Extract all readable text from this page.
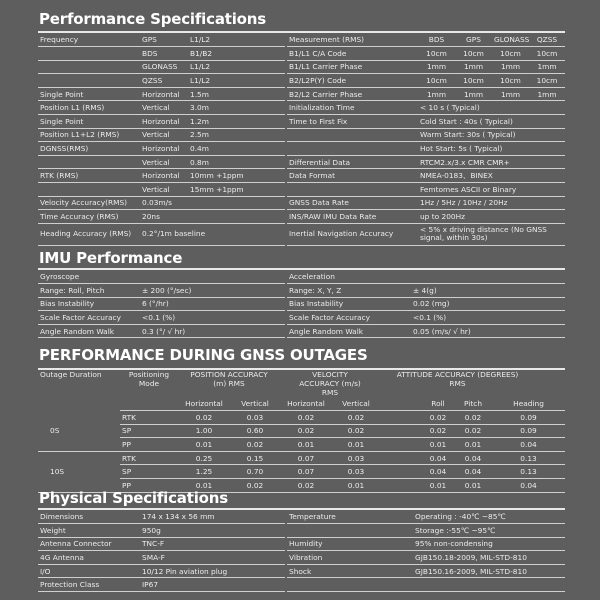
Performance Specifications
Frequency	GPS	L1/L2
	BDS	B1/B2
	GLONASS	L1/L2
	QZSS	L1/L2
Single Point	Horizontal	1.5m
Position L1 (RMS)	Vertical	3.0m
Single Point	Horizontal	1.2m
Position L1+L2 (RMS)	Vertical	2.5m
DGNSS(RMS)	Horizontal	0.4m
	Vertical	0.8m
RTK (RMS)	Horizontal	10mm +1ppm
	Vertical	15mm +1ppm
Velocity Accuracy(RMS)	0.03m/s	
Time Accuracy (RMS)	20ns	
Heading Accuracy (RMS)	0.2°/1m baseline	
Measurement (RMS)	BDS	GPS	GLONASS	QZSS
B1/L1 C/A Code	10cm	10cm	10cm	10cm
B1/L1 Carrier Phase	1mm	1mm	1mm	1mm
B2/L2P(Y) Code	10cm	10cm	10cm	10cm
B2/L2 Carrier Phase	1mm	1mm	1mm	1mm
Initialization Time	< 10 s ( Typical)			
Time to First Fix	Cold Start : 40s ( Typical)			
	Warm Start: 30s ( Typical)			
	Hot Start: 5s ( Typical)			
Differential Data	RTCM2.x/3.x CMR CMR+			
Data Format	NMEA-0183、BINEX			
	Femtomes ASCII or Binary			
GNSS Data Rate	1Hz / 5Hz / 10Hz / 20Hz			
INS/RAW IMU Data Rate	up to 200Hz			
Inertial Navigation Accuracy	< 5% x driving distance (No GNSS signal, within 30s)			
IMU Performance
Gyroscope	
Range: Roll, Pitch	± 200 (°/sec)
Bias Instability	6 (°/hr)
Scale Factor Accuracy	<0.1 (%)
Angle Random Walk	0.3 (°/ √ hr)
Acceleration	
Range: X, Y, Z	± 4(g)
Bias Instability	0.02 (mg)
Scale Factor Accuracy	<0.1 (%)
Angle Random Walk	0.05 (m/s/ √ hr)
PERFORMANCE DURING GNSS OUTAGES
Outage Duration	Positioning Mode	POSITION ACCURACY (m) RMS		VELOCITY ACCURACY (m/s) RMS		ATTITUDE ACCURACY (DEGREES) RMS			
		Horizontal	Vertical	Horizontal	Vertical		Roll	Pitch	Heading
0S	RTK	0.02	0.03	0.02	0.02		0.02	0.02	0.09
	SP	1.00	0.60	0.02	0.02		0.02	0.02	0.09
	PP	0.01	0.02	0.01	0.01		0.01	0.01	0.04
10S	RTK	0.25	0.15	0.07	0.03		0.04	0.04	0.13
	SP	1.25	0.70	0.07	0.03		0.04	0.04	0.13
	PP	0.01	0.02	0.02	0.01		0.01	0.01	0.04
Physical Specifications
Dimensions	174 x 134 x 56 mm
Weight	950g
Antenna Connector	TNC-F
4G Antenna	SMA-F
I/O	10/12 Pin aviation plug
Protection Class	IP67
Temperature	Operating : -40℃ ~85℃
	Storage :-55℃ ~95℃
Humidity	95% non-condensing
Vibration	GJB150.18-2009, MIL-STD-810
Shock	GJB150.16-2009, MIL-STD-810
